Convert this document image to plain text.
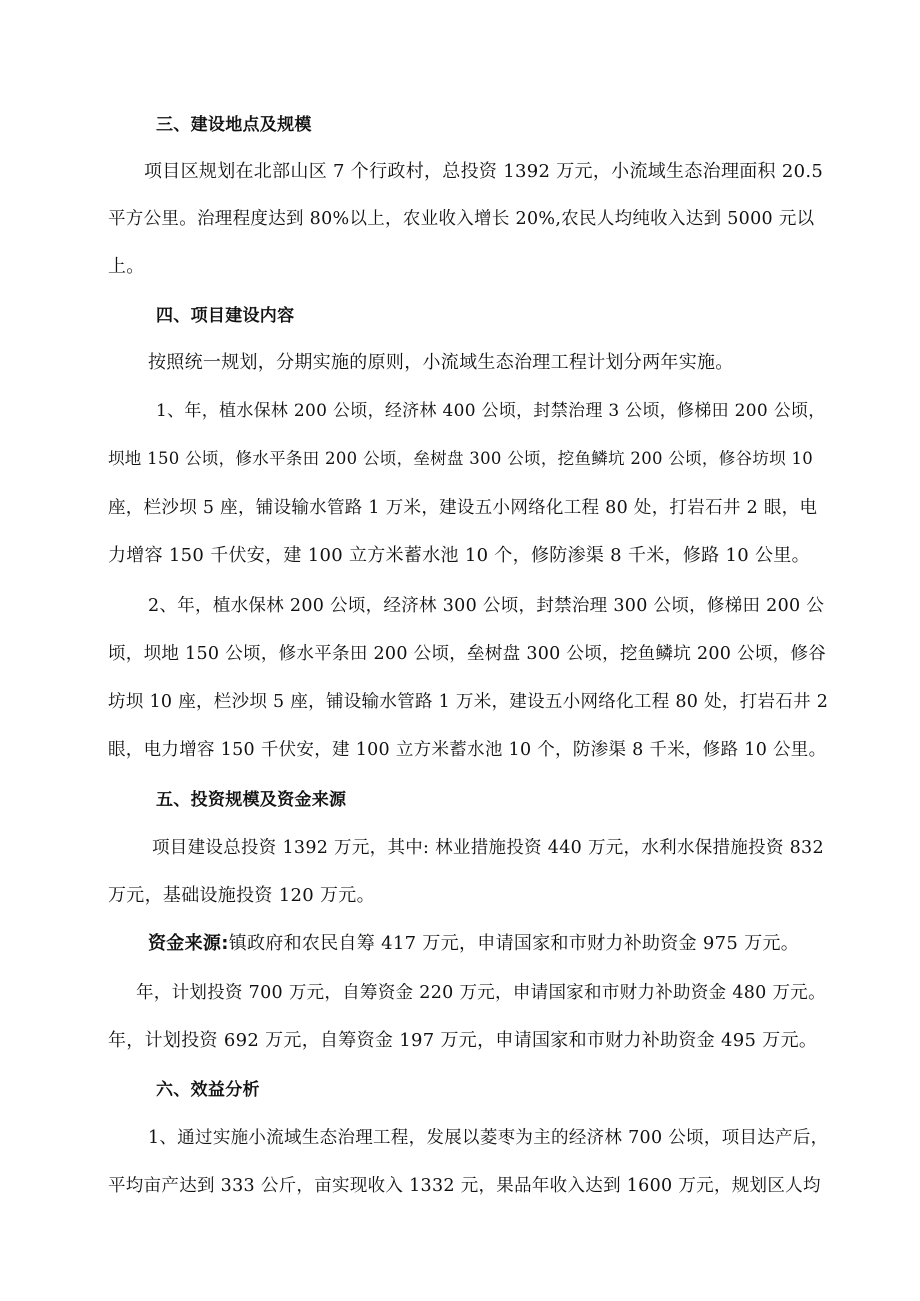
三、建设地点及规模
项目区规划在北部山区 7 个行政村，总投资 1392 万元，小流域生态治理面积 20.5
平方公里。治理程度达到 80%以上，农业收入增长 20%,农民人均纯收入达到 5000 元以
上。
四、项目建设内容
按照统一规划，分期实施的原则，小流域生态治理工程计划分两年实施。
1、年，植水保林 200 公顷，经济林 400 公顷，封禁治理 3 公顷，修梯田 200 公顷，
坝地 150 公顷，修水平条田 200 公顷，垒树盘 300 公顷，挖鱼鳞坑 200 公顷，修谷坊坝 10
座，栏沙坝 5 座，铺设输水管路 1 万米，建设五小网络化工程 80 处，打岩石井 2 眼，电
力增容 150 千伏安，建 100 立方米蓄水池 10 个，修防渗渠 8 千米，修路 10 公里。
2、年，植水保林 200 公顷，经济林 300 公顷，封禁治理 300 公顷，修梯田 200 公
顷，坝地 150 公顷，修水平条田 200 公顷，垒树盘 300 公顷，挖鱼鳞坑 200 公顷，修谷
坊坝 10 座，栏沙坝 5 座，铺设输水管路 1 万米，建设五小网络化工程 80 处，打岩石井 2
眼，电力增容 150 千伏安，建 100 立方米蓄水池 10 个，防渗渠 8 千米，修路 10 公里。
五、投资规模及资金来源
项目建设总投资 1392 万元，其中: 林业措施投资 440 万元，水利水保措施投资 832
万元，基础设施投资 120 万元。
资金来源:镇政府和农民自筹 417 万元，申请国家和市财力补助资金 975 万元。
年，计划投资 700 万元，自筹资金 220 万元，申请国家和市财力补助资金 480 万元。
年，计划投资 692 万元，自筹资金 197 万元，申请国家和市财力补助资金 495 万元。
六、效益分析
1、通过实施小流域生态治理工程，发展以菱枣为主的经济林 700 公顷，项目达产后，
平均亩产达到 333 公斤，亩实现收入 1332 元，果品年收入达到 1600 万元，规划区人均
